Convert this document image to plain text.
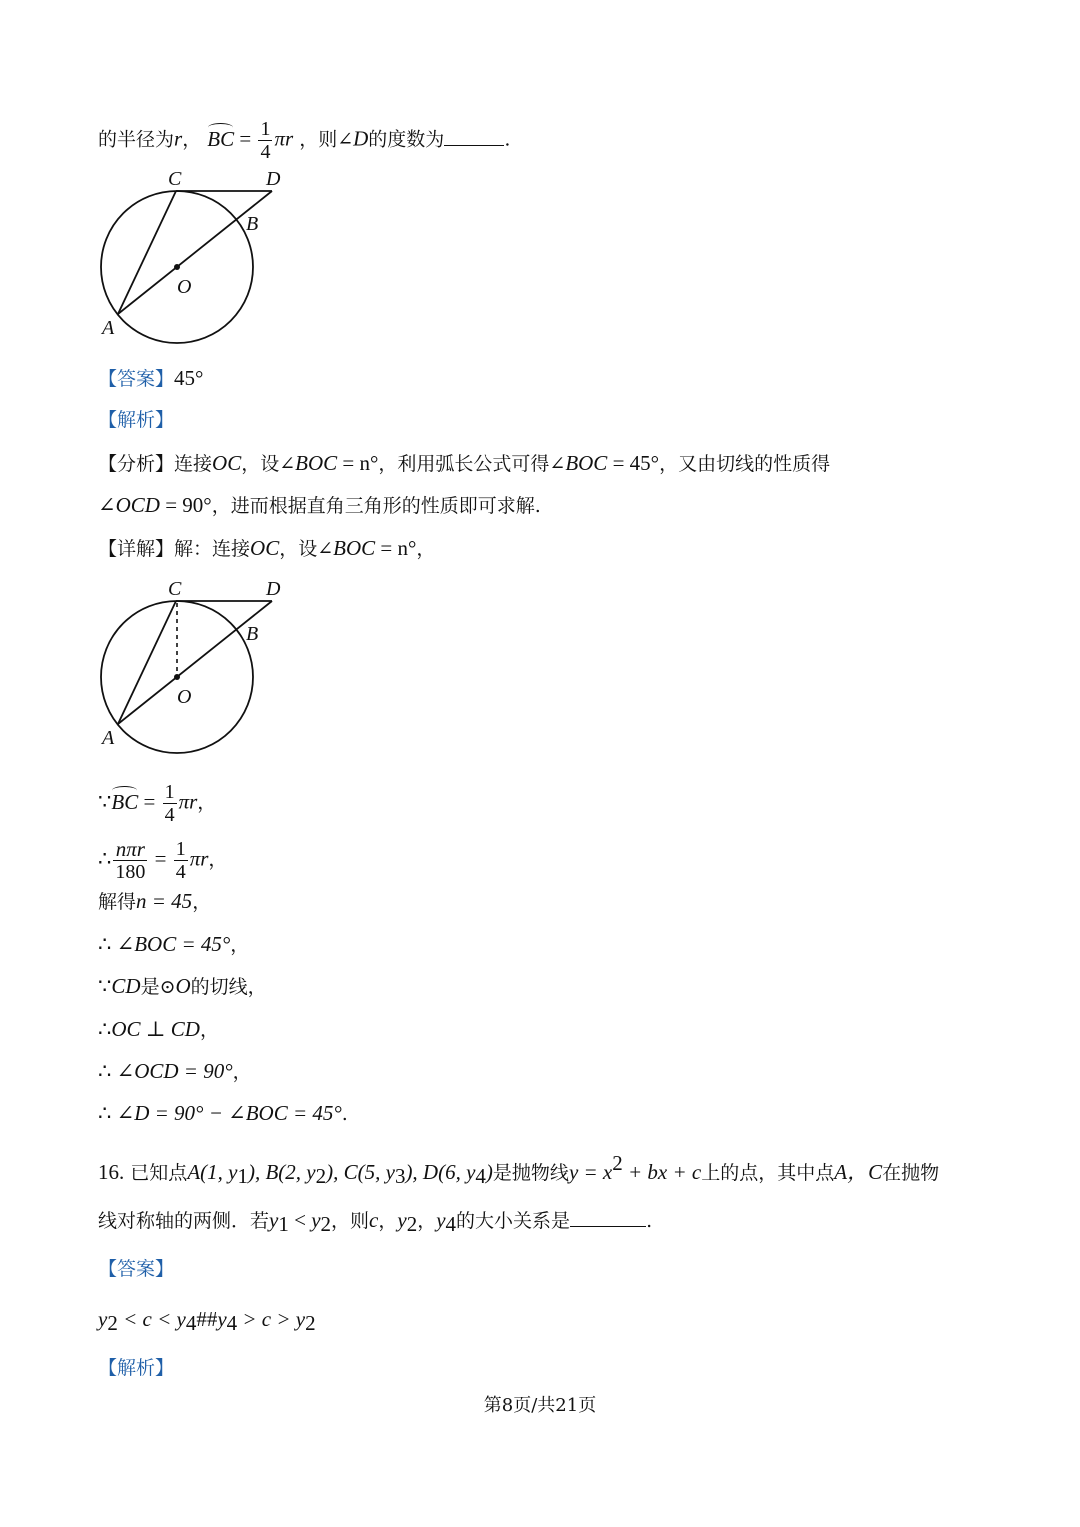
的半径为r， BC = $\frac{1}{4}$ πr ，则∠D的度数为	.
C	D
B
O
A
【答案】45°
【解析】
【分析】连接OC，设∠BOC = n°，利用弧长公式可得∠BOC = 45°，又由切线的性质得
∠OCD = 90°，进而根据直角三角形的性质即可求解.
【详解】解：连接OC，设∠BOC = n°，
C	D
B
O
A
∵BC = $\frac{1}{4}$ πr，
∴ $\frac{\text{nπr}}{180} = \frac{1}{4}$ πr，
解得n = 45，
∴ ∠BOC = 45°，
∵CD是⊙O的切线，
∴OC ⊥ CD，
∴ ∠OCD = 90°，
∴ ∠D = 90° − ∠BOC = 45°.
16. 已知点A(1, $y_1$), B(2, $y_2$), C(5, $y_3$), D(6, $y_4$)是抛物线$y = x^2$ + bx + c上的点，其中点A，C在抛物
线对称轴的两侧．若$y_1 < y_2$，则c，$y_2$，$y_4$的大小关系是	.
【答案】
$y_2 < c$ < $y_4\#\#y_4 > c > y_2$
【解析】
第8页/共21页
